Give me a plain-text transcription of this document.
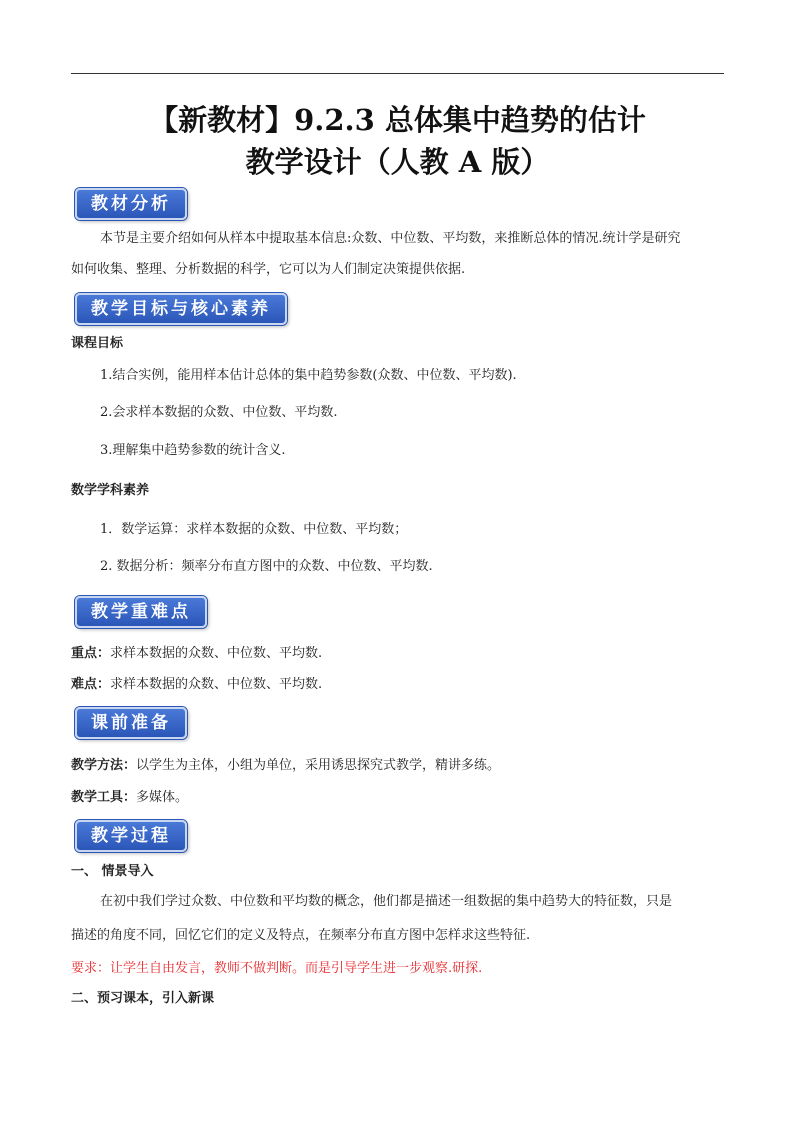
【新教材】9.2.3 总体集中趋势的估计
教学设计（人教 A 版）
教材分析
本节是主要介绍如何从样本中提取基本信息:众数、中位数、平均数，来推断总体的情况.统计学是研究
如何收集、整理、分析数据的科学，它可以为人们制定决策提供依据.
教学目标与核心素养
课程目标
1.结合实例，能用样本估计总体的集中趋势参数(众数、中位数、平均数).
2.会求样本数据的众数、中位数、平均数.
3.理解集中趋势参数的统计含义.
数学学科素养
1．数学运算：求样本数据的众数、中位数、平均数；
2. 数据分析：频率分布直方图中的众数、中位数、平均数.
教学重难点
重点：求样本数据的众数、中位数、平均数.
难点：求样本数据的众数、中位数、平均数.
课前准备
教学方法：以学生为主体，小组为单位，采用诱思探究式教学，精讲多练。
教学工具：多媒体。
教学过程
一、 情景导入
在初中我们学过众数、中位数和平均数的概念，他们都是描述一组数据的集中趋势大的特征数，只是
描述的角度不同，回忆它们的定义及特点，在频率分布直方图中怎样求这些特征.
要求：让学生自由发言，教师不做判断。而是引导学生进一步观察.研探.
二、预习课本，引入新课
